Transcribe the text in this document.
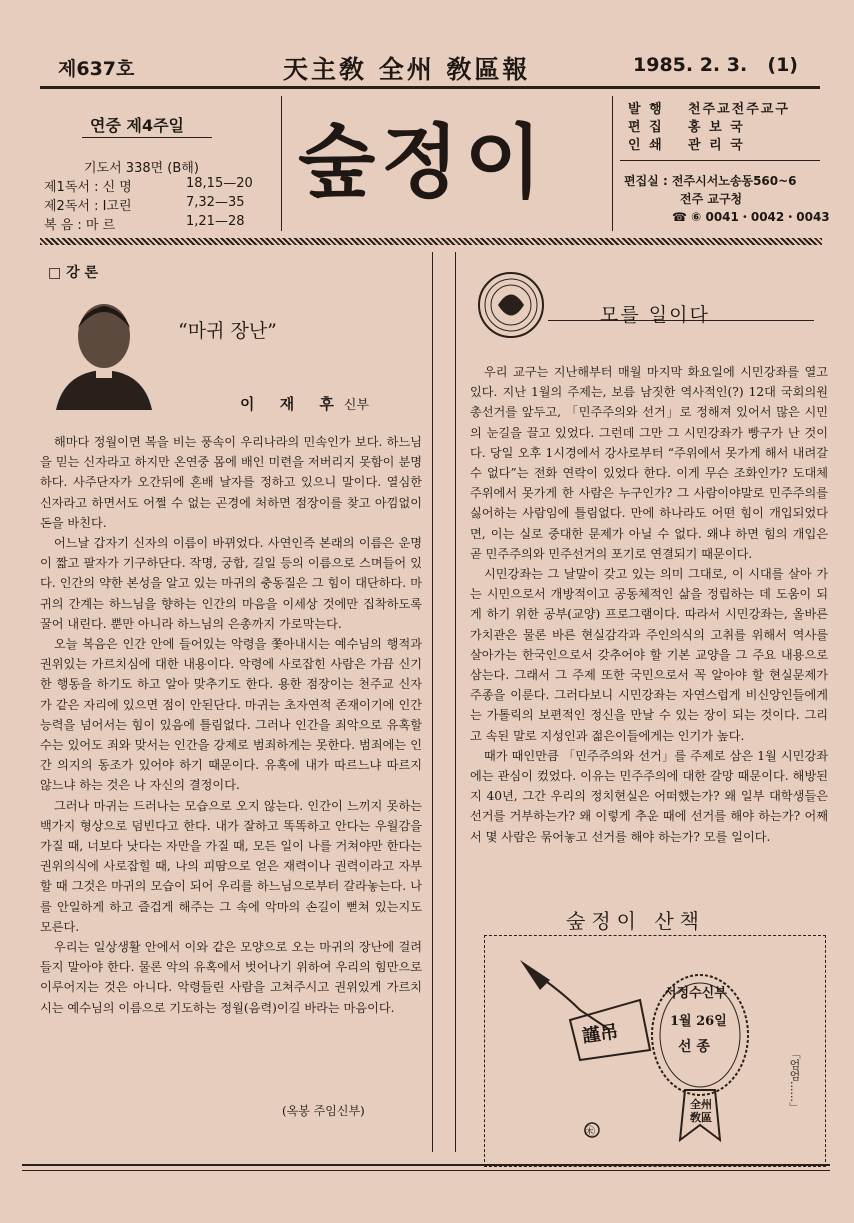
제637호	天主敎 全州 敎區報	1985. 2. 3. (1)
연중 제4주일
기도서 338면 (B해)
제1독서 : 신 명	18,15—20
제2독서 : Ⅰ고린	7,32—35
복 음 : 마 르	1,21—28
숲정이
발 행 천주교전주교구
편 집 홍 보 국
인 쇄 관 리 국
편집실 : 전주시서노송동560~6
전주 교구청
☎ ⑥ 0041・0042・0043
□ 강 론
“마귀 장난”
이 재 후신부

해마다 정월이면 복을 비는 풍속이 우리나라의 민속인가 보다. 하느님을 믿는 신자라고 하지만 온연중 몸에 배인 미련을 저버리지 못함이 분명하다. 사주단자가 오간뒤에 혼배 날자를 정하고 있으니 말이다. 열심한 신자라고 하면서도 어쩔 수 없는 곤경에 처하면 점장이를 찾고 아낌없이 돈을 바친다.

어느날 갑자기 신자의 이름이 바뀌었다. 사연인즉 본래의 이름은 운명이 짧고 팔자가 기구하단다. 작명, 궁합, 길일 등의 이름으로 스며들어 있다. 인간의 약한 본성을 알고 있는 마귀의 충동질은 그 힘이 대단하다. 마귀의 간계는 하느님을 향하는 인간의 마음을 이세상 것에만 집착하도록 꿀어 내린다. 뿐만 아니라 하느님의 은총까지 가로막는다.

오늘 복음은 인간 안에 들어있는 악령을 쫓아내시는 예수님의 행적과 권위있는 가르치심에 대한 내용이다. 악령에 사로잡힌 사람은 가끔 신기한 행동을 하기도 하고 알아 맞추기도 한다. 용한 점장이는 천주교 신자가 같은 자리에 있으면 점이 안된단다. 마귀는 초자연적 존재이기에 인간 능력을 넘어서는 힘이 있음에 틀림없다. 그러나 인간을 죄악으로 유혹할 수는 있어도 죄와 맞서는 인간을 강제로 범죄하게는 못한다. 범죄에는 인간 의지의 동조가 있어야 하기 때문이다. 유혹에 내가 따르느냐 따르지 않느냐 하는 것은 나 자신의 결정이다.

그러나 마귀는 드러나는 모습으로 오지 않는다. 인간이 느끼지 못하는 백가지 형상으로 덤빈다고 한다. 내가 잘하고 똑똑하고 안다는 우월감을 가질 때, 너보다 낫다는 자만을 가질 때, 모든 일이 나를 거쳐야만 한다는 권위의식에 사로잡힐 때, 나의 피땀으로 얻은 재력이나 권력이라고 자부할 때 그것은 마귀의 모습이 되어 우리를 하느님으로부터 갈라놓는다. 나를 안일하게 하고 즐겁게 해주는 그 속에 악마의 손길이 뻗쳐 있는지도 모른다.

우리는 일상생활 안에서 이와 같은 모양으로 오는 마귀의 장난에 걸려들지 말아야 한다. 물론 악의 유혹에서 벗어나기 위하여 우리의 힘만으로 이루어지는 것은 아니다. 악령들린 사람을 고쳐주시고 권위있게 가르치시는 예수님의 이름으로 기도하는 정월(음력)이길 바라는 마음이다.

(옥봉 주임신부)
모를 일이다

우리 교구는 지난해부터 매월 마지막 화요일에 시민강좌를 열고 있다. 지난 1월의 주제는, 보름 남짓한 역사적인(?) 12대 국회의원 총선거를 앞두고, 「민주주의와 선거」로 정해져 있어서 많은 시민의 눈길을 끌고 있었다. 그런데 그만 그 시민강좌가 빵구가 난 것이다. 당일 오후 1시경에서 강사로부터 “주위에서 못가게 해서 내려갈 수 없다”는 전화 연락이 있었다 한다. 이게 무슨 조화인가? 도대체 주위에서 못가게 한 사람은 누구인가? 그 사람이야말로 민주주의를 싫어하는 사람임에 틀림없다. 만에 하나라도 어떤 힘이 개입되었다면, 이는 실로 중대한 문제가 아닐 수 없다. 왜냐 하면 힘의 개입은 곧 민주주의와 민주선거의 포기로 연결되기 때문이다.

시민강좌는 그 날말이 갖고 있는 의미 그대로, 이 시대를 살아 가는 시민으로서 개방적이고 공동체적인 삶을 정립하는 데 도움이 되게 하기 위한 공부(교양) 프로그램이다. 따라서 시민강좌는, 올바른 가치관은 물론 바른 현실감각과 주인의식의 고취를 위해서 역사를 살아가는 한국인으로서 갖추어야 할 기본 교양을 그 주요 내용으로 삼는다. 그래서 그 주제 또한 국민으로서 꼭 알아야 할 현실문제가 주종을 이룬다. 그러다보니 시민강좌는 자연스럽게 비신앙인들에게는 가톨릭의 보편적인 정신을 만날 수 있는 장이 되는 것이다. 그리고 속된 말로 지성인과 젊은이들에게는 인기가 높다.

때가 때인만큼 「민주주의와 선거」를 주제로 삼은 1월 시민강좌에는 관심이 컸었다. 이유는 민주주의에 대한 갈망 때문이다. 해방된 지 40년, 그간 우리의 정치현실은 어떠했는가? 왜 일부 대학생들은 선거를 거부하는가? 왜 이렇게 추운 때에 선거를 해야 하는가? 어째서 몇 사람은 묶어놓고 선거를 해야 하는가? 모를 일이다.

숲정이 산책
謹吊
서정수신부
1월 26일
선 종
全州 敎區
「엄엄......」
㊍
